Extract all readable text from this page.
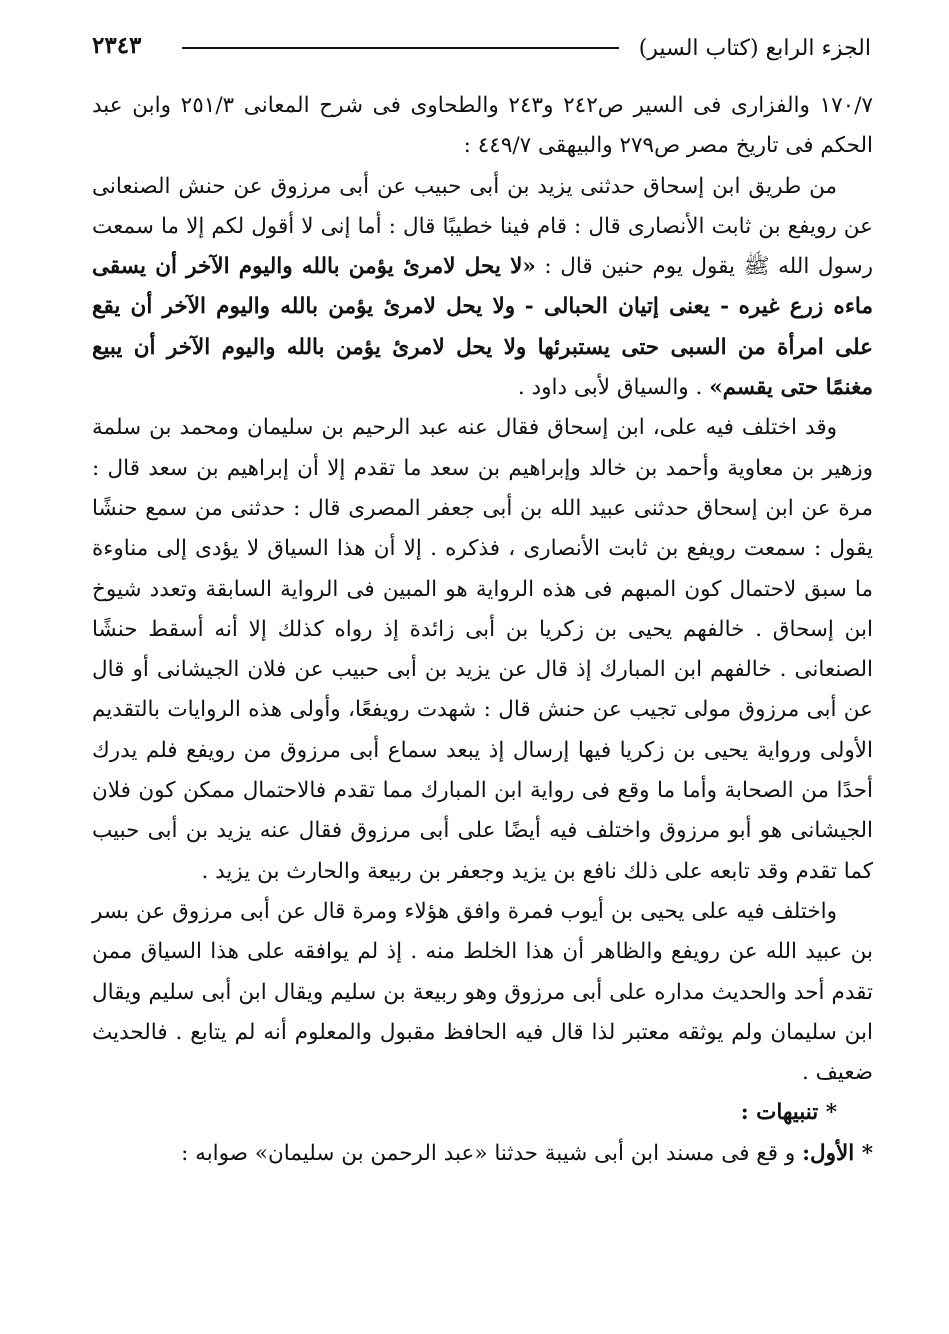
الجزء الرابع (كتاب السير)
٢٣٤٣

١٧٠/٧ والفزارى فى السير ص٢٤٢ و٢٤٣ والطحاوى فى شرح المعانى ٢٥١/٣ وابن عبد الحكم فى تاريخ مصر ص٢٧٩ والبيهقى ٤٤٩/٧ :

من طريق ابن إسحاق حدثنى يزيد بن أبى حبيب عن أبى مرزوق عن حنش الصنعانى عن رويفع بن ثابت الأنصارى قال : قام فينا خطيبًا قال : أما إنى لا أقول لكم إلا ما سمعت رسول الله ﷺ يقول يوم حنين قال : «لا يحل لامرئ يؤمن بالله واليوم الآخر أن يسقى ماءه زرع غيره - يعنى إتيان الحبالى - ولا يحل لامرئ يؤمن بالله واليوم الآخر أن يقع على امرأة من السبى حتى يستبرئها ولا يحل لامرئ يؤمن بالله واليوم الآخر أن يبيع مغنمًا حتى يقسم» . والسياق لأبى داود .

وقد اختلف فيه على، ابن إسحاق فقال عنه عبد الرحيم بن سليمان ومحمد بن سلمة وزهير بن معاوية وأحمد بن خالد وإبراهيم بن سعد ما تقدم إلا أن إبراهيم بن سعد قال : مرة عن ابن إسحاق حدثنى عبيد الله بن أبى جعفر المصرى قال : حدثنى من سمع حنشًا يقول : سمعت رويفع بن ثابت الأنصارى ، فذكره . إلا أن هذا السياق لا يؤدى إلى مناوءة ما سبق لاحتمال كون المبهم فى هذه الرواية هو المبين فى الرواية السابقة وتعدد شيوخ ابن إسحاق . خالفهم يحيى بن زكريا بن أبى زائدة إذ رواه كذلك إلا أنه أسقط حنشًا الصنعانى . خالفهم ابن المبارك إذ قال عن يزيد بن أبى حبيب عن فلان الجيشانى أو قال عن أبى مرزوق مولى تجيب عن حنش قال : شهدت رويفعًا، وأولى هذه الروايات بالتقديم الأولى ورواية يحيى بن زكريا فيها إرسال إذ يبعد سماع أبى مرزوق من رويفع فلم يدرك أحدًا من الصحابة وأما ما وقع فى رواية ابن المبارك مما تقدم فالاحتمال ممكن كون فلان الجيشانى هو أبو مرزوق واختلف فيه أيضًا على أبى مرزوق فقال عنه يزيد بن أبى حبيب كما تقدم وقد تابعه على ذلك نافع بن يزيد وجعفر بن ربيعة والحارث بن يزيد .

واختلف فيه على يحيى بن أيوب فمرة وافق هؤلاء ومرة قال عن أبى مرزوق عن بسر بن عبيد الله عن رويفع والظاهر أن هذا الخلط منه . إذ لم يوافقه على هذا السياق ممن تقدم أحد والحديث مداره على أبى مرزوق وهو ربيعة بن سليم ويقال ابن أبى سليم ويقال ابن سليمان ولم يوثقه معتبر لذا قال فيه الحافظ مقبول والمعلوم أنه لم يتابع . فالحديث ضعيف .

* تنبيهات :

* الأول: و قع فى مسند ابن أبى شيبة حدثنا «عبد الرحمن بن سليمان» صوابه :
